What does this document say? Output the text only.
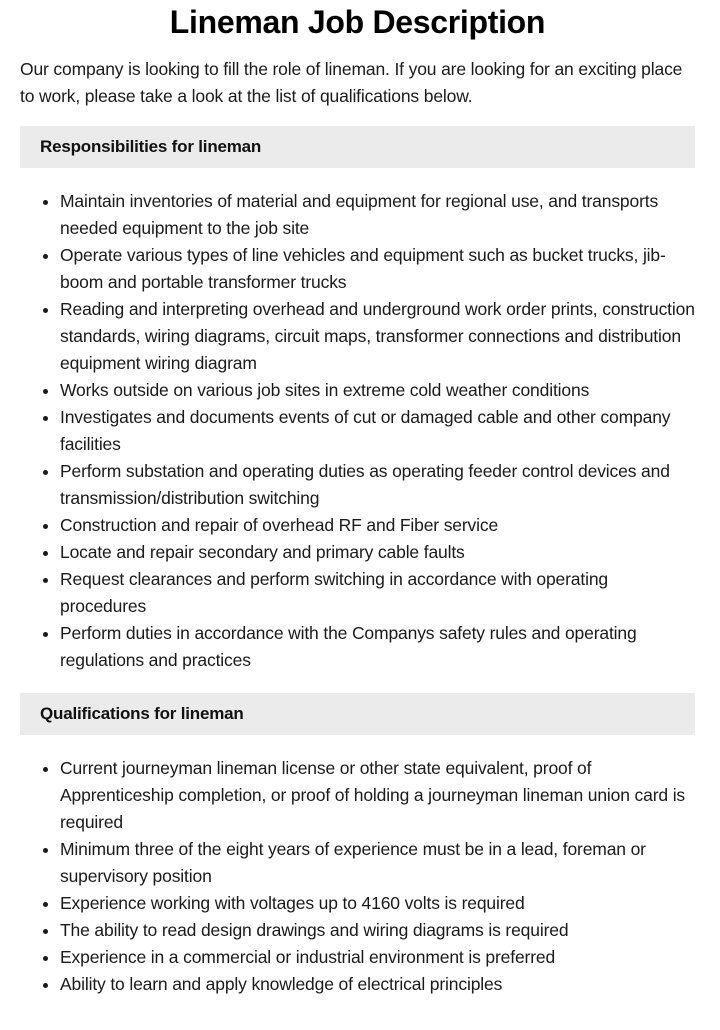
Lineman Job Description

Our company is looking to fill the role of lineman. If you are looking for an exciting place to work, please take a look at the list of qualifications below.

Responsibilities for lineman
• Maintain inventories of material and equipment for regional use, and transports needed equipment to the job site
• Operate various types of line vehicles and equipment such as bucket trucks, jib-boom and portable transformer trucks
• Reading and interpreting overhead and underground work order prints, construction standards, wiring diagrams, circuit maps, transformer connections and distribution equipment wiring diagram
• Works outside on various job sites in extreme cold weather conditions
• Investigates and documents events of cut or damaged cable and other company facilities
• Perform substation and operating duties as operating feeder control devices and transmission/distribution switching
• Construction and repair of overhead RF and Fiber service
• Locate and repair secondary and primary cable faults
• Request clearances and perform switching in accordance with operating procedures
• Perform duties in accordance with the Companys safety rules and operating regulations and practices
Qualifications for lineman
• Current journeyman lineman license or other state equivalent, proof of Apprenticeship completion, or proof of holding a journeyman lineman union card is required
• Minimum three of the eight years of experience must be in a lead, foreman or supervisory position
• Experience working with voltages up to 4160 volts is required
• The ability to read design drawings and wiring diagrams is required
• Experience in a commercial or industrial environment is preferred
• Ability to learn and apply knowledge of electrical principles
